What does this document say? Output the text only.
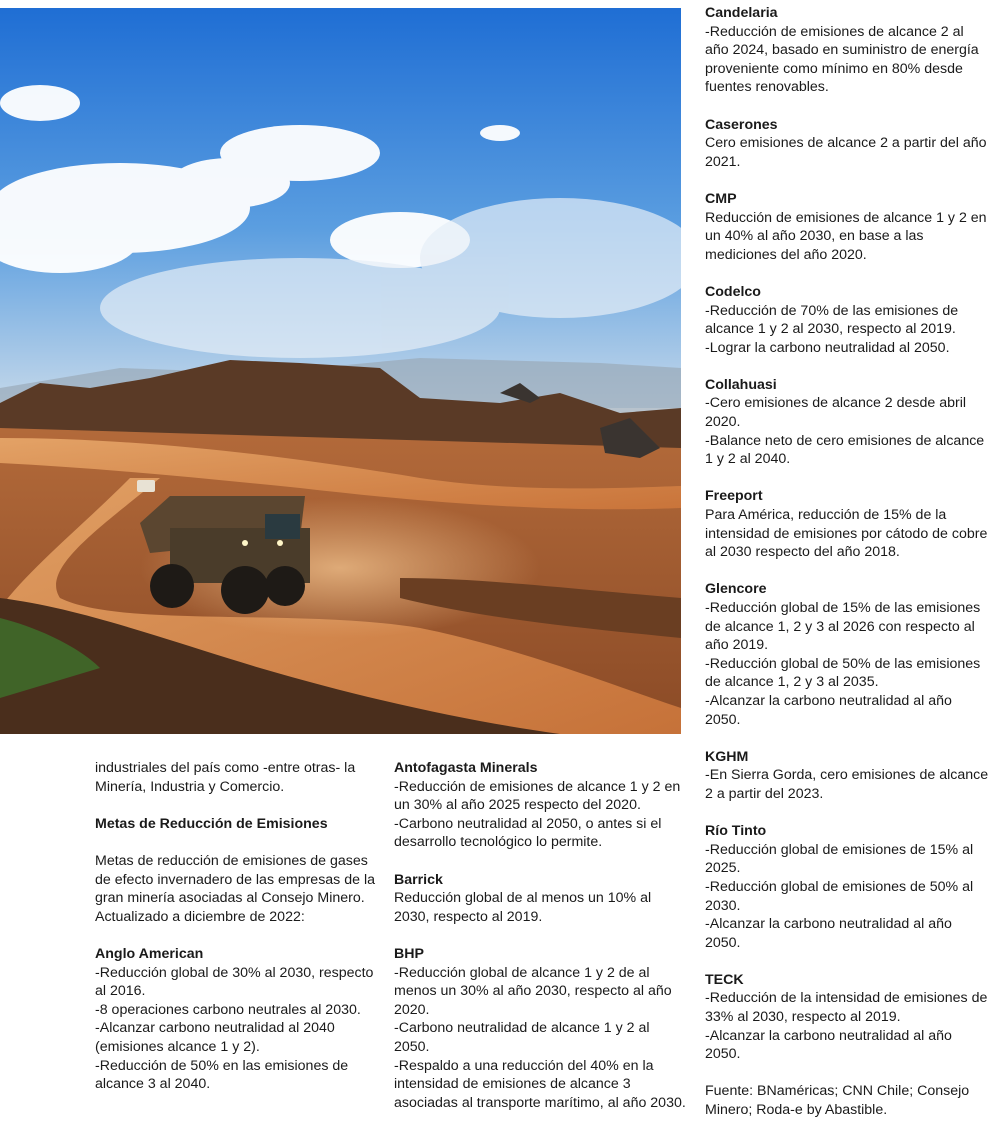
industriales del país como -entre otras- la Minería, Industria y Comercio.

Metas de Reducción de Emisiones

Metas de reducción de emisiones de gases de efecto invernadero de las empresas de la gran minería asociadas al Consejo Minero. Actualizado a diciembre de 2022:

Anglo American

-Reducción global de 30% al 2030, respecto al 2016.

-8 operaciones carbono neutrales al 2030.

-Alcanzar carbono neutralidad al 2040 (emisiones alcance 1 y 2).

-Reducción de 50% en las emisiones de alcance 3 al 2040.

Antofagasta Minerals

-Reducción de emisiones de alcance 1 y 2 en un 30% al año 2025 respecto del 2020.

-Carbono neutralidad al 2050, o antes si el desarrollo tecnológico lo permite.

Barrick

Reducción global de al menos un 10% al 2030, respecto al 2019.

BHP

-Reducción global de alcance 1 y 2 de al menos un 30% al año 2030, respecto al año 2020.

-Carbono neutralidad de alcance 1 y 2 al 2050.

-Respaldo a una reducción del 40% en la intensidad de emisiones de alcance 3 asociadas al transporte marítimo, al año 2030.

Candelaria

-Reducción de emisiones de alcance 2 al año 2024, basado en suministro de energía proveniente como mínimo en 80% desde fuentes renovables.

Caserones

Cero emisiones de alcance 2 a partir del año 2021.

CMP

Reducción de emisiones de alcance 1 y 2 en un 40% al año 2030, en base a las mediciones del año 2020.

Codelco

-Reducción de 70% de las emisiones de alcance 1 y 2 al 2030, respecto al 2019.

-Lograr la carbono neutralidad al 2050.

Collahuasi

-Cero emisiones de alcance 2 desde abril 2020.

-Balance neto de cero emisiones de alcance 1 y 2 al 2040.

Freeport

Para América, reducción de 15% de la intensidad de emisiones por cátodo de cobre al 2030 respecto del año 2018.

Glencore

-Reducción global de 15% de las emisiones de alcance 1, 2 y 3 al 2026 con respecto al año 2019.

-Reducción global de 50% de las emisiones de alcance 1, 2 y 3 al 2035.

-Alcanzar la carbono neutralidad al año 2050.

KGHM

-En Sierra Gorda, cero emisiones de alcance 2 a partir del 2023.

Río Tinto

-Reducción global de emisiones de 15% al 2025.

-Reducción global de emisiones de 50% al 2030.

-Alcanzar la carbono neutralidad al año 2050.

TECK

-Reducción de la intensidad de emisiones de 33% al 2030, respecto al 2019.

-Alcanzar la carbono neutralidad al año 2050.

Fuente: BNaméricas; CNN Chile; Consejo Minero; Roda-e by Abastible.
